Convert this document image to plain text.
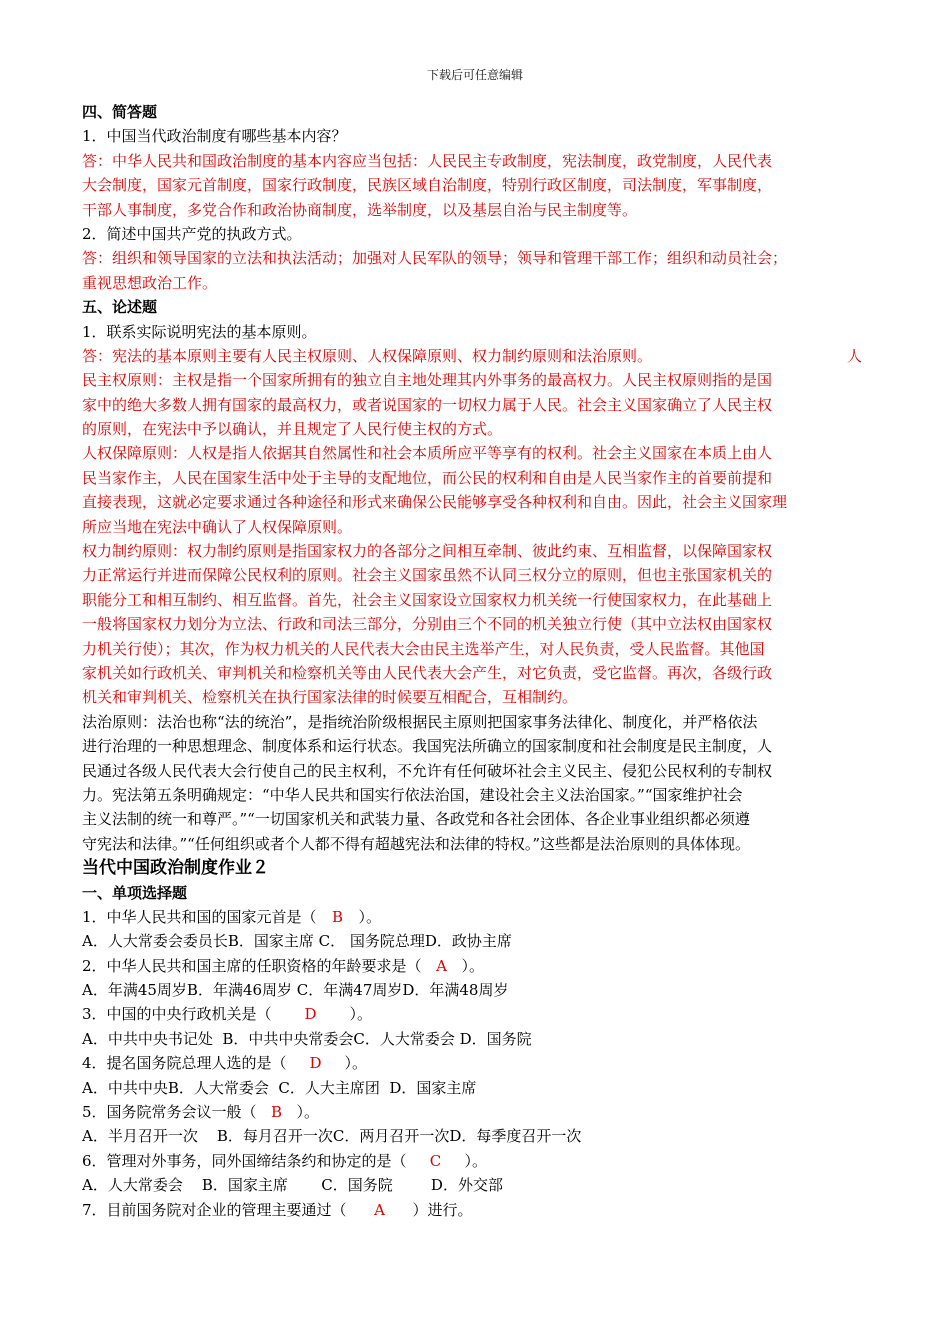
下载后可任意编辑
四、简答题
1．中国当代政治制度有哪些基本内容？
答：中华人民共和国政治制度的基本内容应当包括：人民民主专政制度，宪法制度，政党制度，人民代表
大会制度，国家元首制度，国家行政制度，民族区域自治制度，特别行政区制度，司法制度，军事制度，
干部人事制度，多党合作和政治协商制度，选举制度，以及基层自治与民主制度等。
2．简述中国共产党的执政方式。
答：组织和领导国家的立法和执法活动；加强对人民军队的领导；领导和管理干部工作；组织和动员社会；
重视思想政治工作。
五、论述题
1．联系实际说明宪法的基本原则。
答：宪法的基本原则主要有人民主权原则、人权保障原则、权力制约原则和法治原则。	人
民主权原则：主权是指一个国家所拥有的独立自主地处理其内外事务的最高权力。人民主权原则指的是国
家中的绝大多数人拥有国家的最高权力，或者说国家的一切权力属于人民。社会主义国家确立了人民主权
的原则，在宪法中予以确认，并且规定了人民行使主权的方式。
人权保障原则：人权是指人依据其自然属性和社会本质所应平等享有的权利。社会主义国家在本质上由人
民当家作主，人民在国家生活中处于主导的支配地位，而公民的权利和自由是人民当家作主的首要前提和
直接表现，这就必定要求通过各种途径和形式来确保公民能够享受各种权利和自由。因此，社会主义国家理
所应当地在宪法中确认了人权保障原则。
权力制约原则：权力制约原则是指国家权力的各部分之间相互牵制、彼此约束、互相监督，以保障国家权
力正常运行并进而保障公民权利的原则。社会主义国家虽然不认同三权分立的原则，但也主张国家机关的
职能分工和相互制约、相互监督。首先，社会主义国家设立国家权力机关统一行使国家权力，在此基础上
一般将国家权力划分为立法、行政和司法三部分，分别由三个不同的机关独立行使（其中立法权由国家权
力机关行使）；其次，作为权力机关的人民代表大会由民主选举产生，对人民负责，受人民监督。其他国
家机关如行政机关、审判机关和检察机关等由人民代表大会产生，对它负责，受它监督。再次，各级行政
机关和审判机关、检察机关在执行国家法律的时候要互相配合，互相制约。
法治原则：法治也称“法的统治”，是指统治阶级根据民主原则把国家事务法律化、制度化，并严格依法
进行治理的一种思想理念、制度体系和运行状态。我国宪法所确立的国家制度和社会制度是民主制度，人
民通过各级人民代表大会行使自己的民主权利，不允许有任何破坏社会主义民主、侵犯公民权利的专制权
力。宪法第五条明确规定：“中华人民共和国实行依法治国，建设社会主义法治国家。”“国家维护社会
主义法制的统一和尊严。”“一切国家机关和武装力量、各政党和各社会团体、各企业事业组织都必须遵
守宪法和法律。”“任何组织或者个人都不得有超越宪法和法律的特权。”这些都是法治原则的具体体现。
当代中国政治制度作业２
一、单项选择题
1．中华人民共和国的国家元首是（ B ）。
A．人大常委会委员长B．国家主席 C． 国务院总理D．政协主席
2．中华人民共和国主席的任职资格的年龄要求是（ A ）。
A．年满45周岁B．年满46周岁 C．年满47周岁D．年满48周岁
3．中国的中央行政机关是（ D ）。
A．中共中央书记处  B．中共中央常委会C．人大常委会 D．国务院
4．提名国务院总理人选的是（ D ）。
A．中共中央B．人大常委会  C．人大主席团  D．国家主席
5．国务院常务会议一般（ B ）。
A．半月召开一次    B．每月召开一次C．两月召开一次D．每季度召开一次
6．管理对外事务，同外国缔结条约和协定的是（ C ）。
A．人大常委会    B．国家主席       C．国务院        D．外交部
7．目前国务院对企业的管理主要通过（ A ）进行。
